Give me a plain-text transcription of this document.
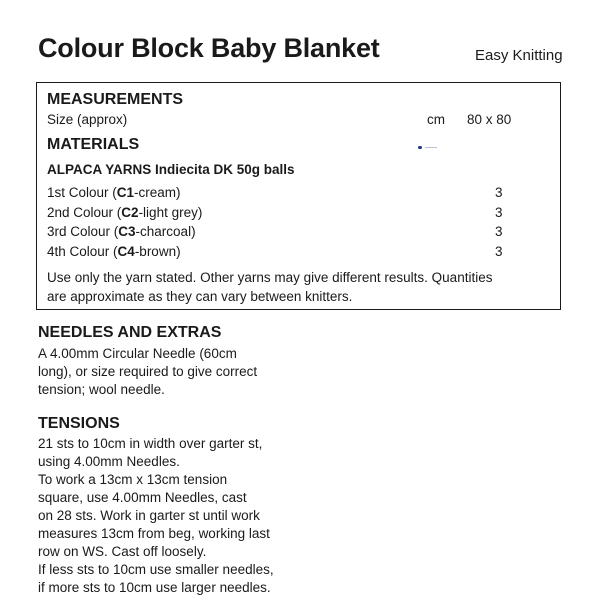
Colour Block Baby Blanket	Easy Knitting
MEASUREMENTS
Size (approx)	cm 80 x 80
MATERIALS
ALPACA YARNS Indiecita DK 50g balls
1st Colour (C1-cream)	3
2nd Colour (C2-light grey)	3
3rd Colour (C3-charcoal)	3
4th Colour (C4-brown)	3
Use only the yarn stated. Other yarns may give different results. Quantities
are approximate as they can vary between knitters.
NEEDLES AND EXTRAS
A 4.00mm Circular Needle (60cm
long), or size required to give correct
tension; wool needle.
TENSIONS
21 sts to 10cm in width over garter st,
using 4.00mm Needles.
To work a 13cm x 13cm tension
square, use 4.00mm Needles, cast
on 28 sts. Work in garter st until work
measures 13cm from beg, working last
row on WS. Cast off loosely.
If less sts to 10cm use smaller needles,
if more sts to 10cm use larger needles.
